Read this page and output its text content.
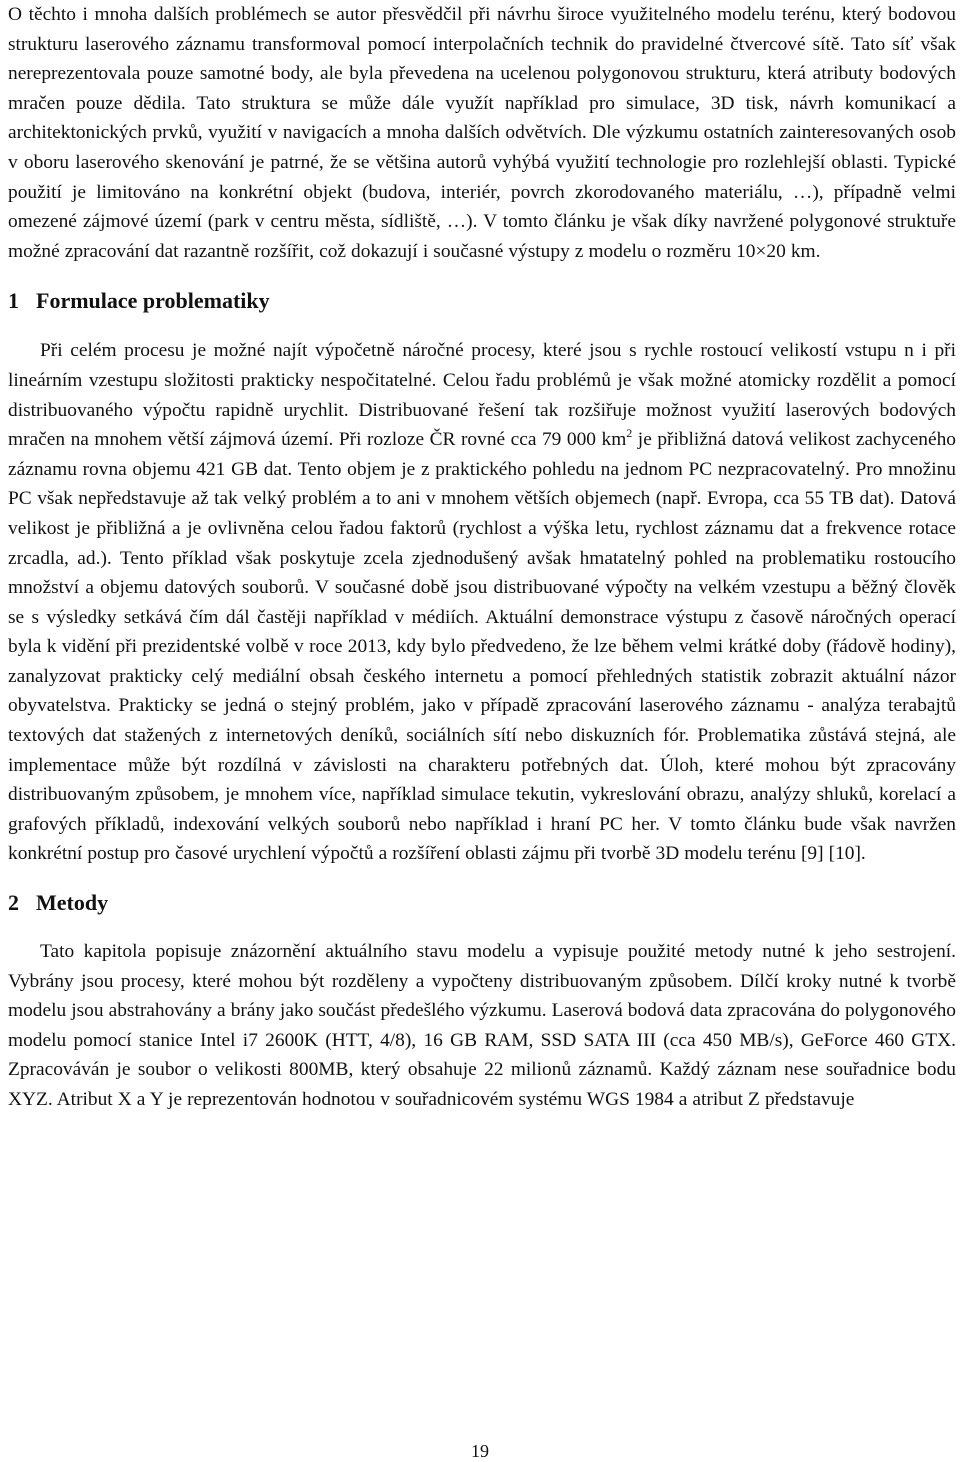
O těchto i mnoha dalších problémech se autor přesvědčil při návrhu široce využitelného modelu terénu, který bodovou strukturu laserového záznamu transformoval pomocí interpolačních technik do pravidelné čtvercové sítě. Tato síť však nereprezentovala pouze samotné body, ale byla převedena na ucelenou polygonovou strukturu, která atributy bodových mračen pouze dědila. Tato struktura se může dále využít například pro simulace, 3D tisk, návrh komunikací a architektonických prvků, využití v navigacích a mnoha dalších odvětvích. Dle výzkumu ostatních zainteresovaných osob v oboru laserového skenování je patrné, že se většina autorů vyhýbá využití technologie pro rozlehlejší oblasti. Typické použití je limitováno na konkrétní objekt (budova, interiér, povrch zkorodovaného materiálu, …), případně velmi omezené zájmové území (park v centru města, sídliště, …). V tomto článku je však díky navržené polygonové struktuře možné zpracování dat razantně rozšířit, což dokazují i současné výstupy z modelu o rozměru 10×20 km.

1 Formulace problematiky

Při celém procesu je možné najít výpočetně náročné procesy, které jsou s rychle rostoucí velikostí vstupu n i při lineárním vzestupu složitosti prakticky nespočitatelné. Celou řadu problémů je však možné atomicky rozdělit a pomocí distribuovaného výpočtu rapidně urychlit. Distribuované řešení tak rozšiřuje možnost využití laserových bodových mračen na mnohem větší zájmová území. Při rozloze ČR rovné cca 79 000 $km^2$ je přibližná datová velikost zachyceného záznamu rovna objemu 421 GB dat. Tento objem je z praktického pohledu na jednom PC nezpracovatelný. Pro množinu PC však nepředstavuje až tak velký problém a to ani v mnohem větších objemech (např. Evropa, cca 55 TB dat). Datová velikost je přibližná a je ovlivněna celou řadou faktorů (rychlost a výška letu, rychlost záznamu dat a frekvence rotace zrcadla, ad.). Tento příklad však poskytuje zcela zjednodušený avšak hmatatelný pohled na problematiku rostoucího množství a objemu datových souborů. V současné době jsou distribuované výpočty na velkém vzestupu a běžný člověk se s výsledky setkává čím dál častěji například v médiích. Aktuální demonstrace výstupu z časově náročných operací byla k vidění při prezidentské volbě v roce 2013, kdy bylo předvedeno, že lze během velmi krátké doby (řádově hodiny), zanalyzovat prakticky celý mediální obsah českého internetu a pomocí přehledných statistik zobrazit aktuální názor obyvatelstva. Prakticky se jedná o stejný problém, jako v případě zpracování laserového záznamu - analýza terabajtů textových dat stažených z internetových deníků, sociálních sítí nebo diskuzních fór. Problematika zůstává stejná, ale implementace může být rozdílná v závislosti na charakteru potřebných dat. Úloh, které mohou být zpracovány distribuovaným způsobem, je mnohem více, například simulace tekutin, vykreslování obrazu, analýzy shluků, korelací a grafových příkladů, indexování velkých souborů nebo například i hraní PC her. V tomto článku bude však navržen konkrétní postup pro časové urychlení výpočtů a rozšíření oblasti zájmu při tvorbě 3D modelu terénu [9] [10].

2 Metody

Tato kapitola popisuje znázornění aktuálního stavu modelu a vypisuje použité metody nutné k jeho sestrojení. Vybrány jsou procesy, které mohou být rozděleny a vypočteny distribuovaným způsobem. Dílčí kroky nutné k tvorbě modelu jsou abstrahovány a brány jako součást předešlého výzkumu. Laserová bodová data zpracována do polygonového modelu pomocí stanice Intel i7 2600K (HTT, 4/8), 16 GB RAM, SSD SATA III (cca 450 MB/s), GeForce 460 GTX. Zpracováván je soubor o velikosti 800MB, který obsahuje 22 milionů záznamů. Každý záznam nese souřadnice bodu XYZ. Atribut X a Y je reprezentován hodnotou v souřadnicovém systému WGS 1984 a atribut Z představuje

19
